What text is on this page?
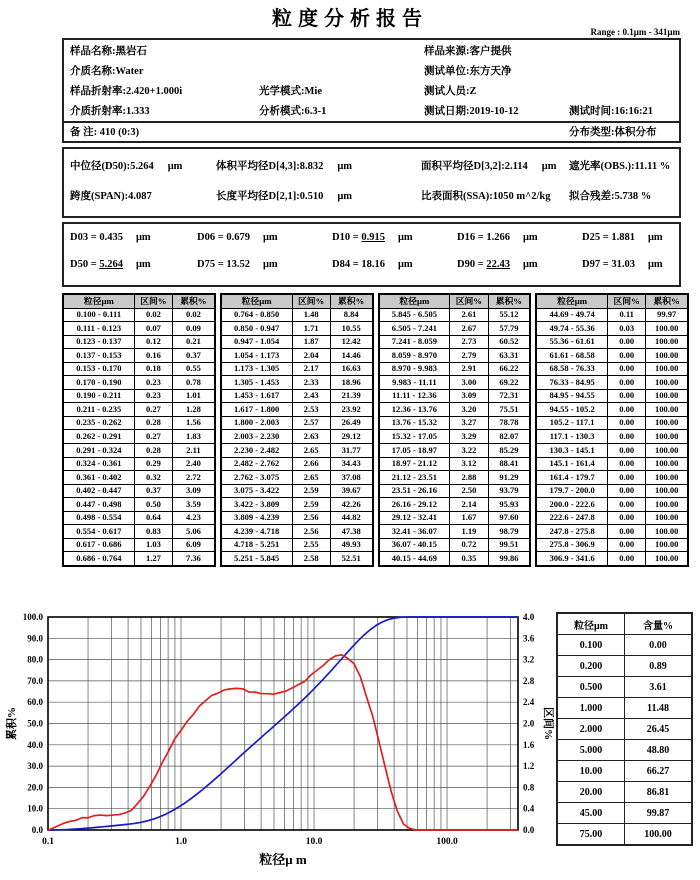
粒度分析报告
Range : 0.1μm - 341μm
样品名称:黑岩石	样品来源:客户提供
介质名称:Water	测试单位:东方天净
样品折射率:2.420+1.000i	光学模式:Mie	测试人员:Z
介质折射率:1.333	分析模式:6.3-1	测试日期:2019-10-12	测试时间:16:16:21
备 注: 410 (0:3)	分布类型:体积分布
中位径(D50):5.264 μm	体积平均径D[4,3]:8.832 μm	面积平均径D[3,2]:2.114 μm 遮光率(OBS.):11.11 %
跨度(SPAN):4.087	长度平均径D[2,1]:0.510 μm	比表面积(SSA):1050 m^2/kg 拟合残差:5.738 %
D03 = 0.435 μm	D06 = 0.679 μm	D10 = 0.915 μm	D16 = 1.266 μm	D25 = 1.881 μm
D50 = 5.264 μm	D75 = 13.52 μm	D84 = 18.16 μm	D90 = 22.43 μm	D97 = 31.03 μm
粒径μm	区间%	累积%
0.100 - 0.111	0.02	0.02
0.111 - 0.123	0.07	0.09
0.123 - 0.137	0.12	0.21
0.137 - 0.153	0.16	0.37
0.153 - 0.170	0.18	0.55
0.170 - 0.190	0.23	0.78
0.190 - 0.211	0.23	1.01
0.211 - 0.235	0.27	1.28
0.235 - 0.262	0.28	1.56
0.262 - 0.291	0.27	1.83
0.291 - 0.324	0.28	2.11
0.324 - 0.361	0.29	2.40
0.361 - 0.402	0.32	2.72
0.402 - 0.447	0.37	3.09
0.447 - 0.498	0.50	3.59
0.498 - 0.554	0.64	4.23
0.554 - 0.617	0.83	5.06
0.617 - 0.686	1.03	6.09
0.686 - 0.764	1.27	7.36
粒径μm	区间%	累积%
0.764 - 0.850	1.48	8.84
0.850 - 0.947	1.71	10.55
0.947 - 1.054	1.87	12.42
1.054 - 1.173	2.04	14.46
1.173 - 1.305	2.17	16.63
1.305 - 1.453	2.33	18.96
1.453 - 1.617	2.43	21.39
1.617 - 1.800	2.53	23.92
1.800 - 2.003	2.57	26.49
2.003 - 2.230	2.63	29.12
2.230 - 2.482	2.65	31.77
2.482 - 2.762	2.66	34.43
2.762 - 3.075	2.65	37.08
3.075 - 3.422	2.59	39.67
3.422 - 3.809	2.59	42.26
3.809 - 4.239	2.56	44.82
4.239 - 4.718	2.56	47.38
4.718 - 5.251	2.55	49.93
5.251 - 5.845	2.58	52.51
粒径μm	区间%	累积%
5.845 - 6.505	2.61	55.12
6.505 - 7.241	2.67	57.79
7.241 - 8.059	2.73	60.52
8.059 - 8.970	2.79	63.31
8.970 - 9.983	2.91	66.22
9.983 - 11.11	3.00	69.22
11.11 - 12.36	3.09	72.31
12.36 - 13.76	3.20	75.51
13.76 - 15.32	3.27	78.78
15.32 - 17.05	3.29	82.07
17.05 - 18.97	3.22	85.29
18.97 - 21.12	3.12	88.41
21.12 - 23.51	2.88	91.29
23.51 - 26.16	2.50	93.79
26.16 - 29.12	2.14	95.93
29.12 - 32.41	1.67	97.60
32.41 - 36.07	1.19	98.79
36.07 - 40.15	0.72	99.51
40.15 - 44.69	0.35	99.86
粒径μm	区间%	累积%
44.69 - 49.74	0.11	99.97
49.74 - 55.36	0.03	100.00
55.36 - 61.61	0.00	100.00
61.61 - 68.58	0.00	100.00
68.58 - 76.33	0.00	100.00
76.33 - 84.95	0.00	100.00
84.95 - 94.55	0.00	100.00
94.55 - 105.2	0.00	100.00
105.2 - 117.1	0.00	100.00
117.1 - 130.3	0.00	100.00
130.3 - 145.1	0.00	100.00
145.1 - 161.4	0.00	100.00
161.4 - 179.7	0.00	100.00
179.7 - 200.0	0.00	100.00
200.0 - 222.6	0.00	100.00
222.6 - 247.8	0.00	100.00
247.8 - 275.8	0.00	100.00
275.8 - 306.9	0.00	100.00
306.9 - 341.6	0.00	100.00
0.0
10.0
20.0
30.0
40.0
50.0
60.0
70.0
80.0
90.0
100.0
0.0
0.4
0.8
1.2
1.6
2.0
2.4
2.8
3.2
3.6
4.0
0.1	1.0	10.0	100.0
累积%	区间%
粒径μ m
粒径μm	含量%
0.100	0.00
0.200	0.89
0.500	3.61
1.000	11.48
2.000	26.45
5.000	48.80
10.00	66.27
20.00	86.81
45.00	99.87
75.00	100.00
